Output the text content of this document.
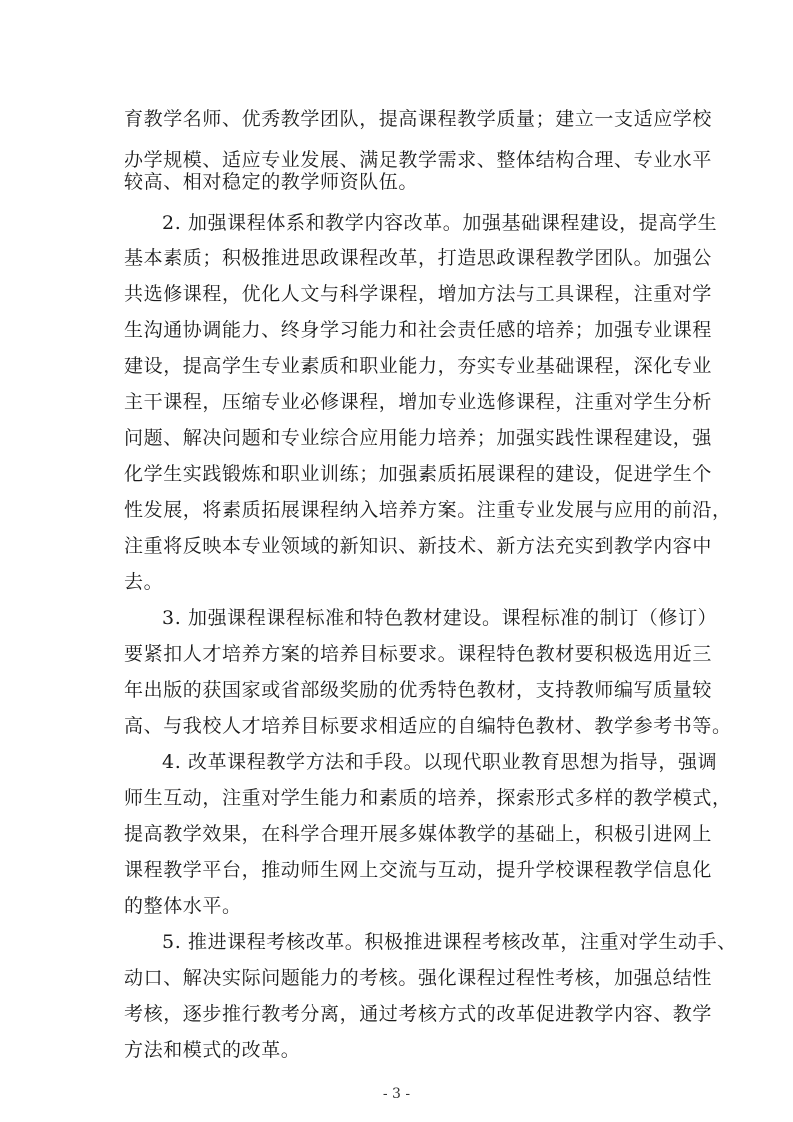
育教学名师、优秀教学团队，提高课程教学质量；建立一支适应学校
办学规模、适应专业发展、满足教学需求、整体结构合理、专业水平
较高、相对稳定的教学师资队伍。
2. 加强课程体系和教学内容改革。加强基础课程建设，提高学生
基本素质；积极推进思政课程改革，打造思政课程教学团队。加强公
共选修课程，优化人文与科学课程，增加方法与工具课程，注重对学
生沟通协调能力、终身学习能力和社会责任感的培养；加强专业课程
建设，提高学生专业素质和职业能力，夯实专业基础课程，深化专业
主干课程，压缩专业必修课程，增加专业选修课程，注重对学生分析
问题、解决问题和专业综合应用能力培养；加强实践性课程建设，强
化学生实践锻炼和职业训练；加强素质拓展课程的建设，促进学生个
性发展，将素质拓展课程纳入培养方案。注重专业发展与应用的前沿，
注重将反映本专业领域的新知识、新技术、新方法充实到教学内容中
去。
3. 加强课程课程标准和特色教材建设。课程标准的制订（修订）
要紧扣人才培养方案的培养目标要求。课程特色教材要积极选用近三
年出版的获国家或省部级奖励的优秀特色教材，支持教师编写质量较
高、与我校人才培养目标要求相适应的自编特色教材、教学参考书等。
4. 改革课程教学方法和手段。以现代职业教育思想为指导，强调
师生互动，注重对学生能力和素质的培养，探索形式多样的教学模式，
提高教学效果，在科学合理开展多媒体教学的基础上，积极引进网上
课程教学平台，推动师生网上交流与互动，提升学校课程教学信息化
的整体水平。
5. 推进课程考核改革。积极推进课程考核改革，注重对学生动手、
动口、解决实际问题能力的考核。强化课程过程性考核，加强总结性
考核，逐步推行教考分离，通过考核方式的改革促进教学内容、教学
方法和模式的改革。
- 3 -
